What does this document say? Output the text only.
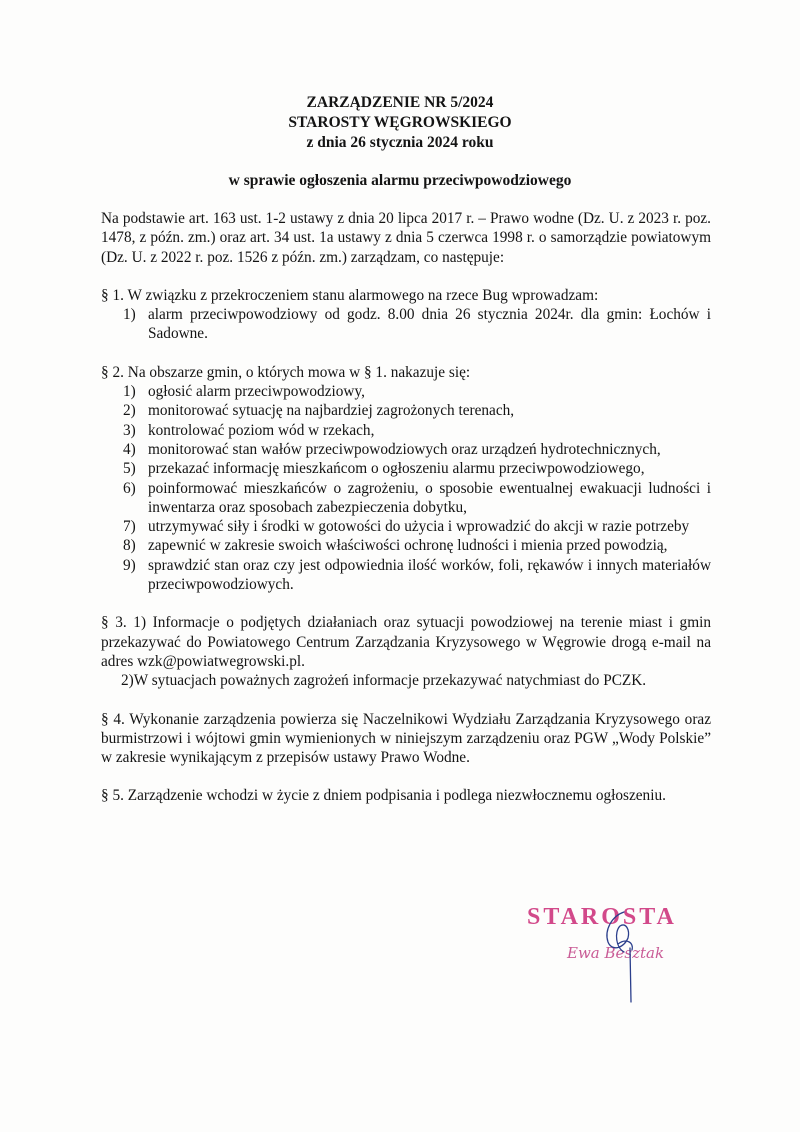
ZARZĄDZENIE NR 5/2024
STAROSTY WĘGROWSKIEGO
z dnia 26 stycznia 2024 roku
w sprawie ogłoszenia alarmu przeciwpowodziowego

Na podstawie art. 163 ust. 1-2 ustawy z dnia 20 lipca 2017 r. – Prawo wodne (Dz. U. z 2023 r. poz. 1478, z późn. zm.) oraz art. 34 ust. 1a ustawy z dnia 5 czerwca 1998 r. o samorządzie powiatowym (Dz. U. z 2022 r. poz. 1526 z późn. zm.) zarządzam, co następuje:

§ 1. W związku z przekroczeniem stanu alarmowego na rzece Bug wprowadzam:

1) alarm przeciwpowodziowy od godz. 8.00 dnia 26 stycznia 2024r. dla gmin: Łochów i Sadowne.

§ 2. Na obszarze gmin, o których mowa w § 1. nakazuje się:

1) ogłosić alarm przeciwpowodziowy,
2) monitorować sytuację na najbardziej zagrożonych terenach,
3) kontrolować poziom wód w rzekach,
4) monitorować stan wałów przeciwpowodziowych oraz urządzeń hydrotechnicznych,
5) przekazać informację mieszkańcom o ogłoszeniu alarmu przeciwpowodziowego,
6) poinformować mieszkańców o zagrożeniu, o sposobie ewentualnej ewakuacji ludności i inwentarza oraz sposobach zabezpieczenia dobytku,
7) utrzymywać siły i środki w gotowości do użycia i wprowadzić do akcji w razie potrzeby
8) zapewnić w zakresie swoich właściwości ochronę ludności i mienia przed powodzią,
9) sprawdzić stan oraz czy jest odpowiednia ilość worków, foli, rękawów i innych materiałów przeciwpowodziowych.

§ 3. 1) Informacje o podjętych działaniach oraz sytuacji powodziowej na terenie miast i gmin przekazywać do Powiatowego Centrum Zarządzania Kryzysowego w Węgrowie drogą e-mail na adres wzk@powiatwegrowski.pl.

2)W sytuacjach poważnych zagrożeń informacje przekazywać natychmiast do PCZK.

§ 4. Wykonanie zarządzenia powierza się Naczelnikowi Wydziału Zarządzania Kryzysowego oraz burmistrzowi i wójtowi gmin wymienionych w niniejszym zarządzeniu oraz PGW „Wody Polskie” w zakresie wynikającym z przepisów ustawy Prawo Wodne.

§ 5. Zarządzenie wchodzi w życie z dniem podpisania i podlega niezwłocznemu ogłoszeniu.

STAROSTA
Ewa Besztak
